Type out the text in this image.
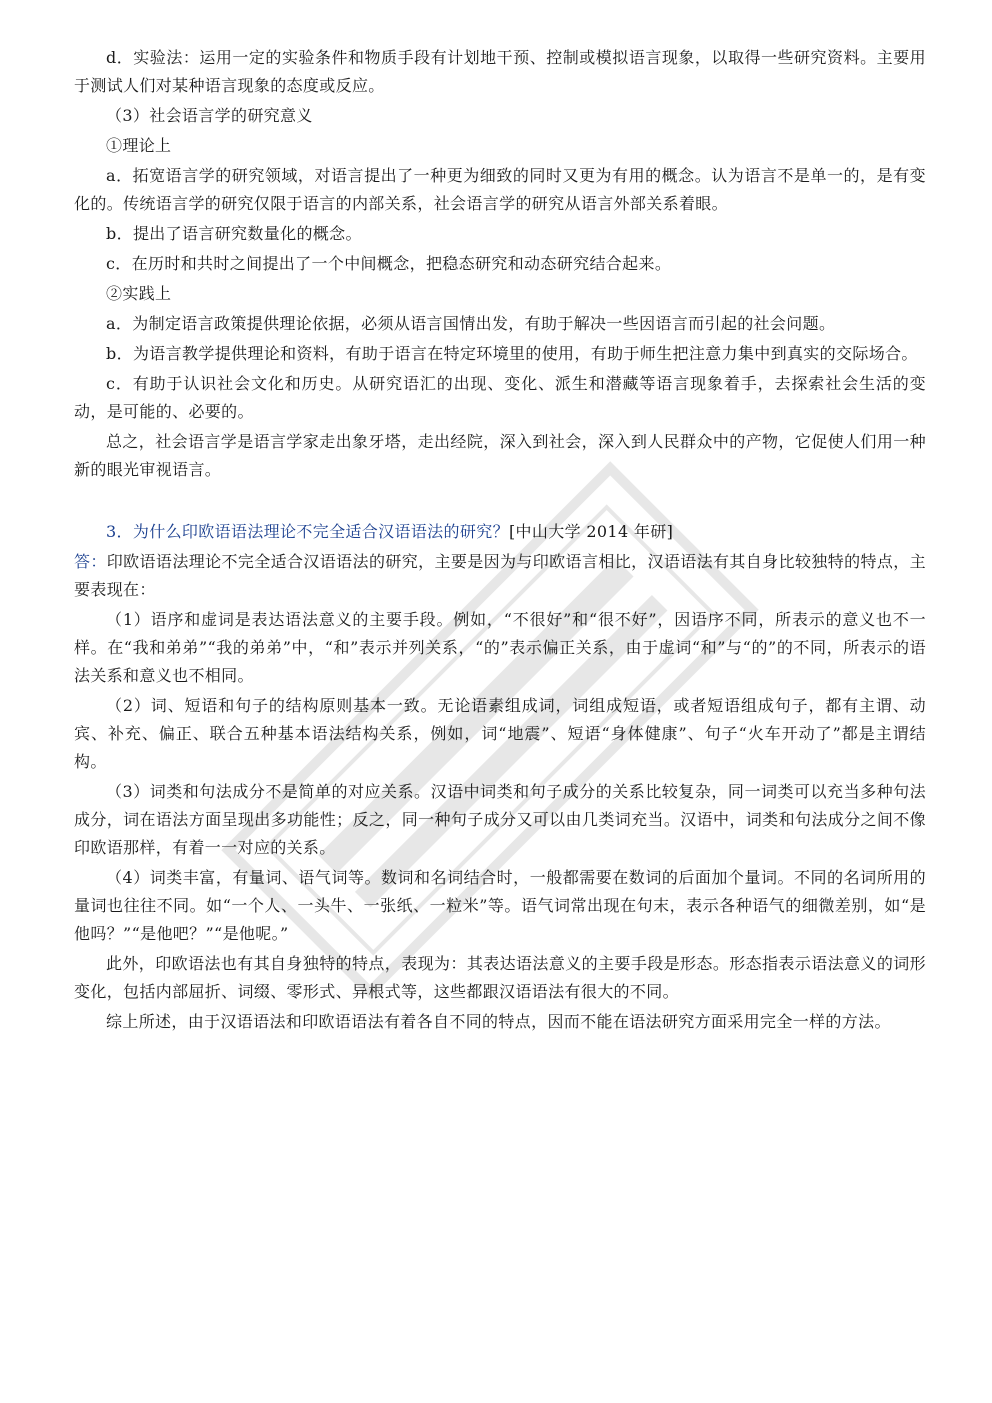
d．实验法：运用一定的实验条件和物质手段有计划地干预、控制或模拟语言现象，以取得一些研究资料。主要用于测试人们对某种语言现象的态度或反应。

（3）社会语言学的研究意义

①理论上

a．拓宽语言学的研究领域，对语言提出了一种更为细致的同时又更为有用的概念。认为语言不是单一的，是有变化的。传统语言学的研究仅限于语言的内部关系，社会语言学的研究从语言外部关系着眼。

b．提出了语言研究数量化的概念。

c．在历时和共时之间提出了一个中间概念，把稳态研究和动态研究结合起来。

②实践上

a．为制定语言政策提供理论依据，必须从语言国情出发，有助于解决一些因语言而引起的社会问题。

b．为语言教学提供理论和资料，有助于语言在特定环境里的使用，有助于师生把注意力集中到真实的交际场合。

c．有助于认识社会文化和历史。从研究语汇的出现、变化、派生和潜藏等语言现象着手，去探索社会生活的变动，是可能的、必要的。

总之，社会语言学是语言学家走出象牙塔，走出经院，深入到社会，深入到人民群众中的产物，它促使人们用一种新的眼光审视语言。

3．为什么印欧语语法理论不完全适合汉语语法的研究？[中山大学 2014 年研]

答：印欧语语法理论不完全适合汉语语法的研究，主要是因为与印欧语言相比，汉语语法有其自身比较独特的特点，主要表现在：

（1）语序和虚词是表达语法意义的主要手段。例如，“不很好”和“很不好”，因语序不同，所表示的意义也不一样。在“我和弟弟”“我的弟弟”中，“和”表示并列关系，“的”表示偏正关系，由于虚词“和”与“的”的不同，所表示的语法关系和意义也不相同。

（2）词、短语和句子的结构原则基本一致。无论语素组成词，词组成短语，或者短语组成句子，都有主谓、动宾、补充、偏正、联合五种基本语法结构关系，例如，词“地震”、短语“身体健康”、句子“火车开动了”都是主谓结构。

（3）词类和句法成分不是简单的对应关系。汉语中词类和句子成分的关系比较复杂，同一词类可以充当多种句法成分，词在语法方面呈现出多功能性；反之，同一种句子成分又可以由几类词充当。汉语中，词类和句法成分之间不像印欧语那样，有着一一对应的关系。

（4）词类丰富，有量词、语气词等。数词和名词结合时，一般都需要在数词的后面加个量词。不同的名词所用的量词也往往不同。如“一个人、一头牛、一张纸、一粒米”等。语气词常出现在句末，表示各种语气的细微差别，如“是他吗？”“是他吧？”“是他呢。”

此外，印欧语法也有其自身独特的特点，表现为：其表达语法意义的主要手段是形态。形态指表示语法意义的词形变化，包括内部屈折、词缀、零形式、异根式等，这些都跟汉语语法有很大的不同。

综上所述，由于汉语语法和印欧语语法有着各自不同的特点，因而不能在语法研究方面采用完全一样的方法。
